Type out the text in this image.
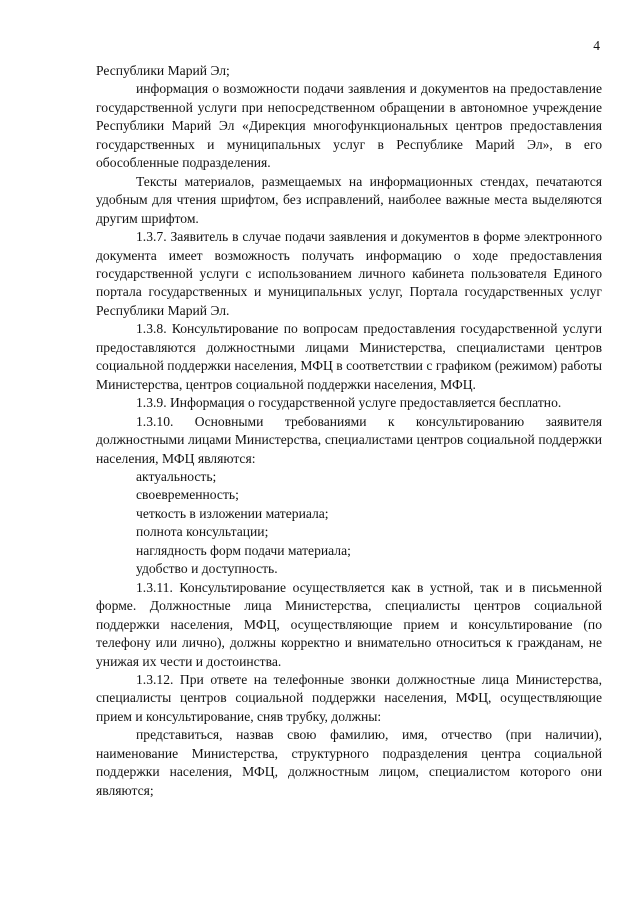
4

Республики Марий Эл;

информация о возможности подачи заявления и документов на предоставление государственной услуги при непосредственном обращении в автономное учреждение Республики Марий Эл «Дирекция многофункциональных центров предоставления государственных и муниципальных услуг в Республике Марий Эл», в его обособленные подразделения.

Тексты материалов, размещаемых на информационных стендах, печатаются удобным для чтения шрифтом, без исправлений, наиболее важные места выделяются другим шрифтом.

1.3.7. Заявитель в случае подачи заявления и документов в форме электронного документа имеет возможность получать информацию о ходе предоставления государственной услуги с использованием личного кабинета пользователя Единого портала государственных и муниципальных услуг, Портала государственных услуг Республики Марий Эл.

1.3.8. Консультирование по вопросам предоставления государственной услуги предоставляются должностными лицами Министерства, специалистами центров социальной поддержки населения, МФЦ в соответствии с графиком (режимом) работы Министерства, центров социальной поддержки населения, МФЦ.

1.3.9. Информация о государственной услуге предоставляется бесплатно.

1.3.10. Основными требованиями к консультированию заявителя должностными лицами Министерства, специалистами центров социальной поддержки населения, МФЦ являются:

актуальность;

своевременность;

четкость в изложении материала;

полнота консультации;

наглядность форм подачи материала;

удобство и доступность.

1.3.11. Консультирование осуществляется как в устной, так и в письменной форме. Должностные лица Министерства, специалисты центров социальной поддержки населения, МФЦ, осуществляющие прием и консультирование (по телефону или лично), должны корректно и внимательно относиться к гражданам, не унижая их чести и достоинства.

1.3.12. При ответе на телефонные звонки должностные лица Министерства, специалисты центров социальной поддержки населения, МФЦ, осуществляющие прием и консультирование, сняв трубку, должны:

представиться, назвав свою фамилию, имя, отчество (при наличии), наименование Министерства, структурного подразделения центра социальной поддержки населения, МФЦ, должностным лицом, специалистом которого они являются;
